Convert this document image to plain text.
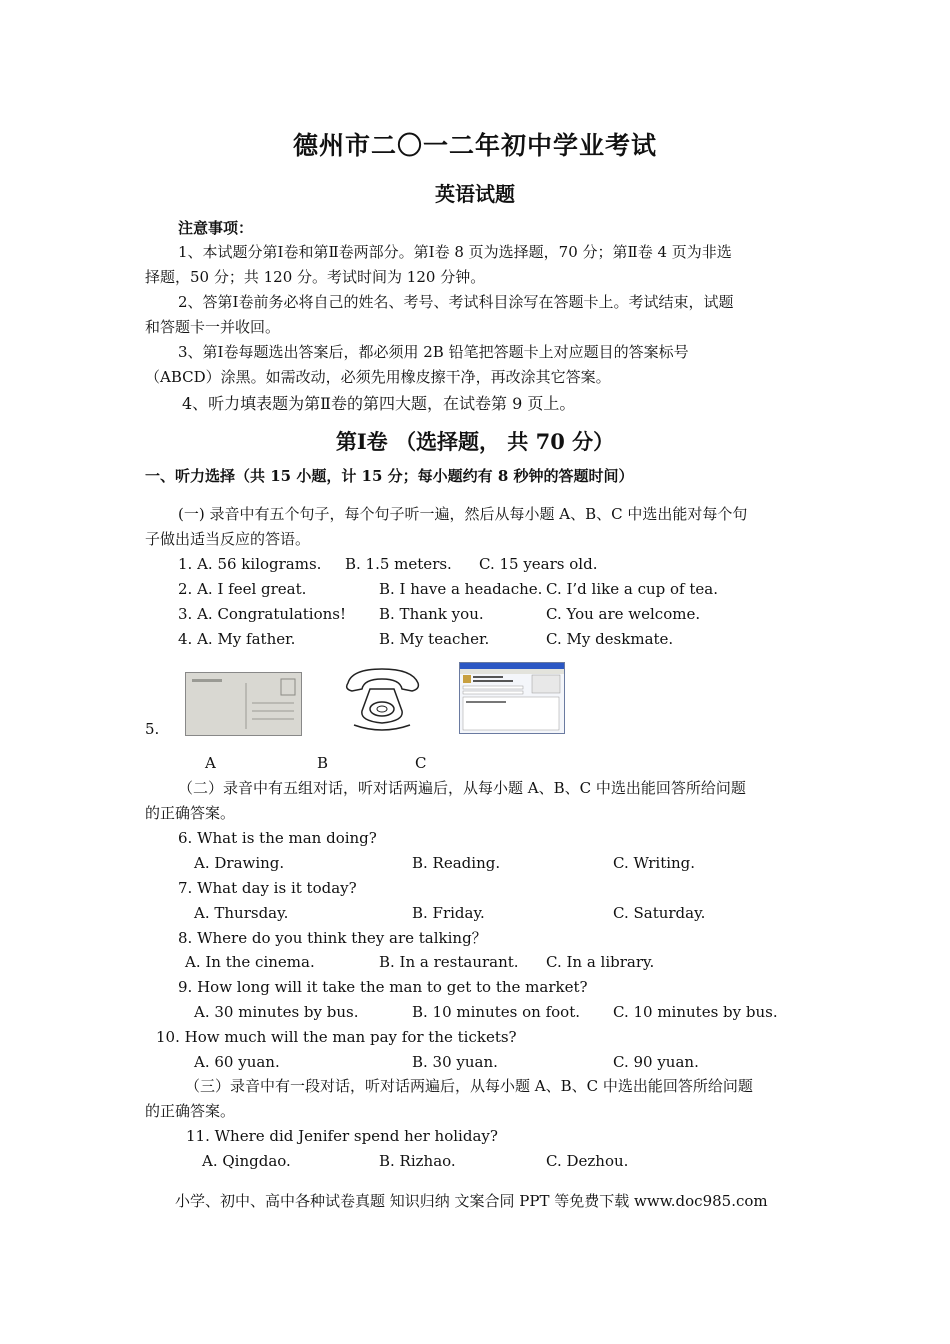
德州市二〇一二年初中学业考试
英语试题
注意事项：
1、本试题分第Ⅰ卷和第Ⅱ卷两部分。第Ⅰ卷 8 页为选择题，70 分；第Ⅱ卷 4 页为非选
择题，50 分；共 120 分。考试时间为 120 分钟。
2、答第Ⅰ卷前务必将自己的姓名、考号、考试科目涂写在答题卡上。考试结束，试题
和答题卡一并收回。
3、第Ⅰ卷每题选出答案后，都必须用 2B 铅笔把答题卡上对应题目的答案标号
（ABCD）涂黑。如需改动，必须先用橡皮擦干净，再改涂其它答案。
4、听力填表题为第Ⅱ卷的第四大题，在试卷第 9 页上。
第Ⅰ卷 （选择题， 共 70 分）
一、听力选择（共 15 小题，计 15 分；每小题约有 8 秒钟的答题时间）
(一) 录音中有五个句子，每个句子听一遍，然后从每小题 A、B、C 中选出能对每个句
子做出适当反应的答语。
1. A. 56 kilograms. B. 1.5 meters. C. 15 years old.
2. A. I feel great.	B. I have a headache. C. I’d like a cup of tea.
3. A. Congratulations! B. Thank you.	C. You are welcome.
4. A. My father.	B. My teacher.	C. My deskmate.
5.
A	B	C
（二）录音中有五组对话，听对话两遍后，从每小题 A、B、C 中选出能回答所给问题
的正确答案。
6. What is the man doing?
A. Drawing.	B. Reading.	C. Writing.
7. What day is it today?
A. Thursday.	B. Friday.	C. Saturday.
8. Where do you think they are talking？
A. In the cinema.	B. In a restaurant. C. In a library.
9. How long will it take the man to get to the market?
A. 30 minutes by bus.	B. 10 minutes on foot. C. 10 minutes by bus.
10. How much will the man pay for the tickets?
A. 60 yuan.	B. 30 yuan.	C. 90 yuan.
（三）录音中有一段对话，听对话两遍后，从每小题 A、B、C 中选出能回答所给问题
的正确答案。
11. Where did Jenifer spend her holiday?
A. Qingdao.	B. Rizhao.	C. Dezhou.
小学、初中、高中各种试卷真题 知识归纳 文案合同 PPT 等免费下载 www.doc985.com
